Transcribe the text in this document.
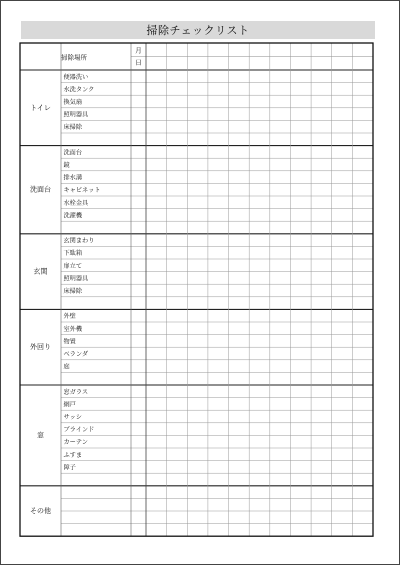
掃除チェックリスト
掃除場所
月
日
トイレ
便器洗い
水洗タンク
換気扇
照明器具
床掃除
洗面台
洗面台
鏡
排水溝
キャビネット
水栓金具
洗濯機
玄関
玄関まわり
下駄箱
扉立て
照明器具
床掃除
外回り
外壁
室外機
物置
ベランダ
庭
窓
窓ガラス
網戸
サッシ
ブラインド
カーテン
ふすま
障子
その他
